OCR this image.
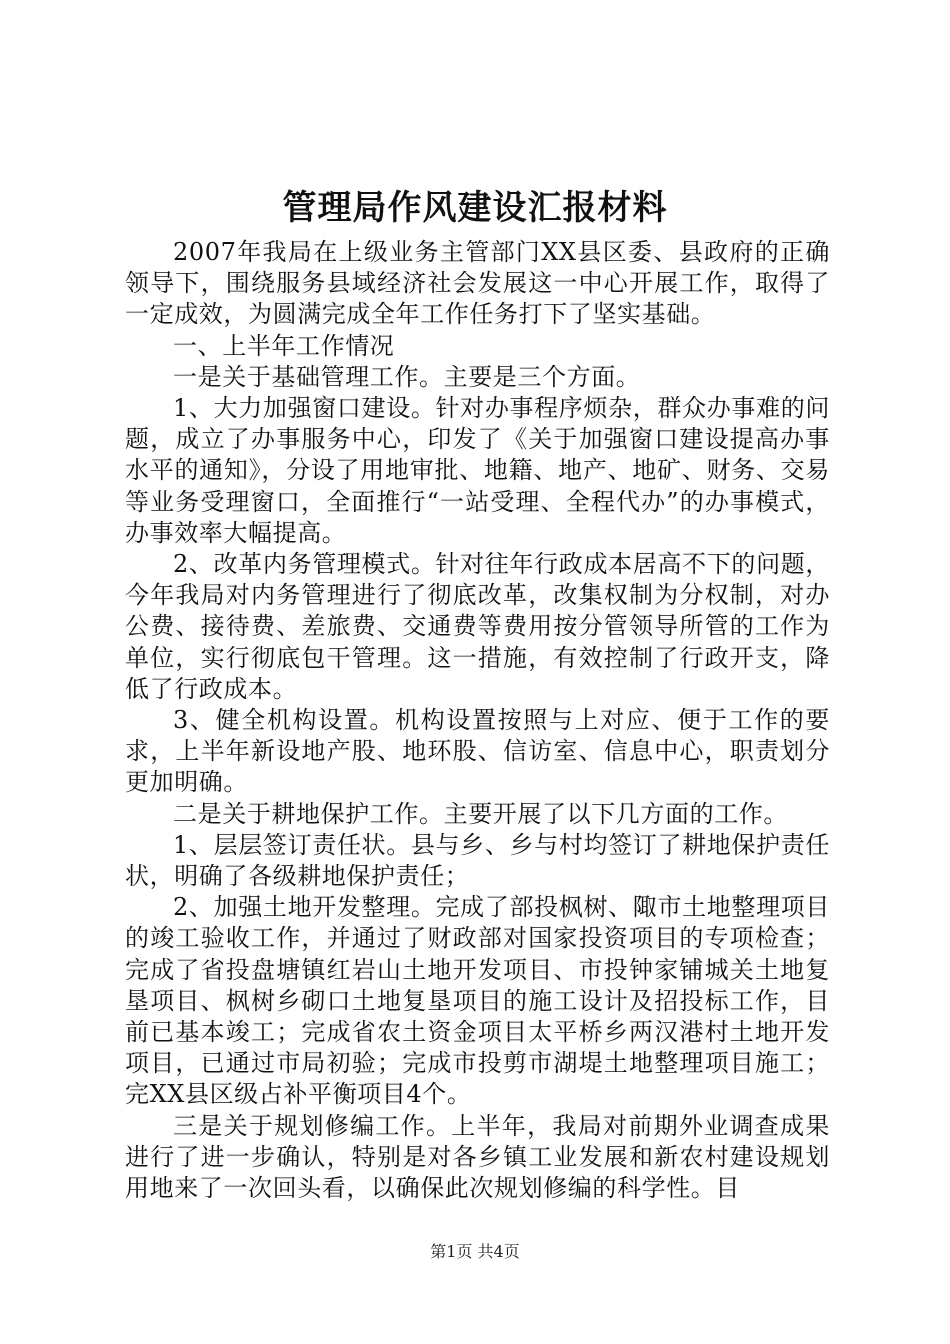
管理局作风建设汇报材料

2007年我局在上级业务主管部门XX县区委、县政府的正确领导下，围绕服务县域经济社会发展这一中心开展工作，取得了一定成效，为圆满完成全年工作任务打下了坚实基础。

一、上半年工作情况

一是关于基础管理工作。主要是三个方面。

1、大力加强窗口建设。针对办事程序烦杂，群众办事难的问题，成立了办事服务中心，印发了《关于加强窗口建设提高办事水平的通知》，分设了用地审批、地籍、地产、地矿、财务、交易等业务受理窗口，全面推行“一站受理、全程代办”的办事模式，办事效率大幅提高。

2、改革内务管理模式。针对往年行政成本居高不下的问题，今年我局对内务管理进行了彻底改革，改集权制为分权制，对办公费、接待费、差旅费、交通费等费用按分管领导所管的工作为单位，实行彻底包干管理。这一措施，有效控制了行政开支，降低了行政成本。

3、健全机构设置。机构设置按照与上对应、便于工作的要求，上半年新设地产股、地环股、信访室、信息中心，职责划分更加明确。

二是关于耕地保护工作。主要开展了以下几方面的工作。

1、层层签订责任状。县与乡、乡与村均签订了耕地保护责任状，明确了各级耕地保护责任；

2、加强土地开发整理。完成了部投枫树、陬市土地整理项目的竣工验收工作，并通过了财政部对国家投资项目的专项检查；完成了省投盘塘镇红岩山土地开发项目、市投钟家铺城关土地复垦项目、枫树乡砌口土地复垦项目的施工设计及招投标工作，目前已基本竣工；完成省农土资金项目太平桥乡两汉港村土地开发项目，已通过市局初验；完成市投剪市湖堤土地整理项目施工；完XX县区级占补平衡项目4个。

三是关于规划修编工作。上半年，我局对前期外业调查成果进行了进一步确认，特别是对各乡镇工业发展和新农村建设规划用地来了一次回头看，以确保此次规划修编的科学性。目

第1页 共4页
